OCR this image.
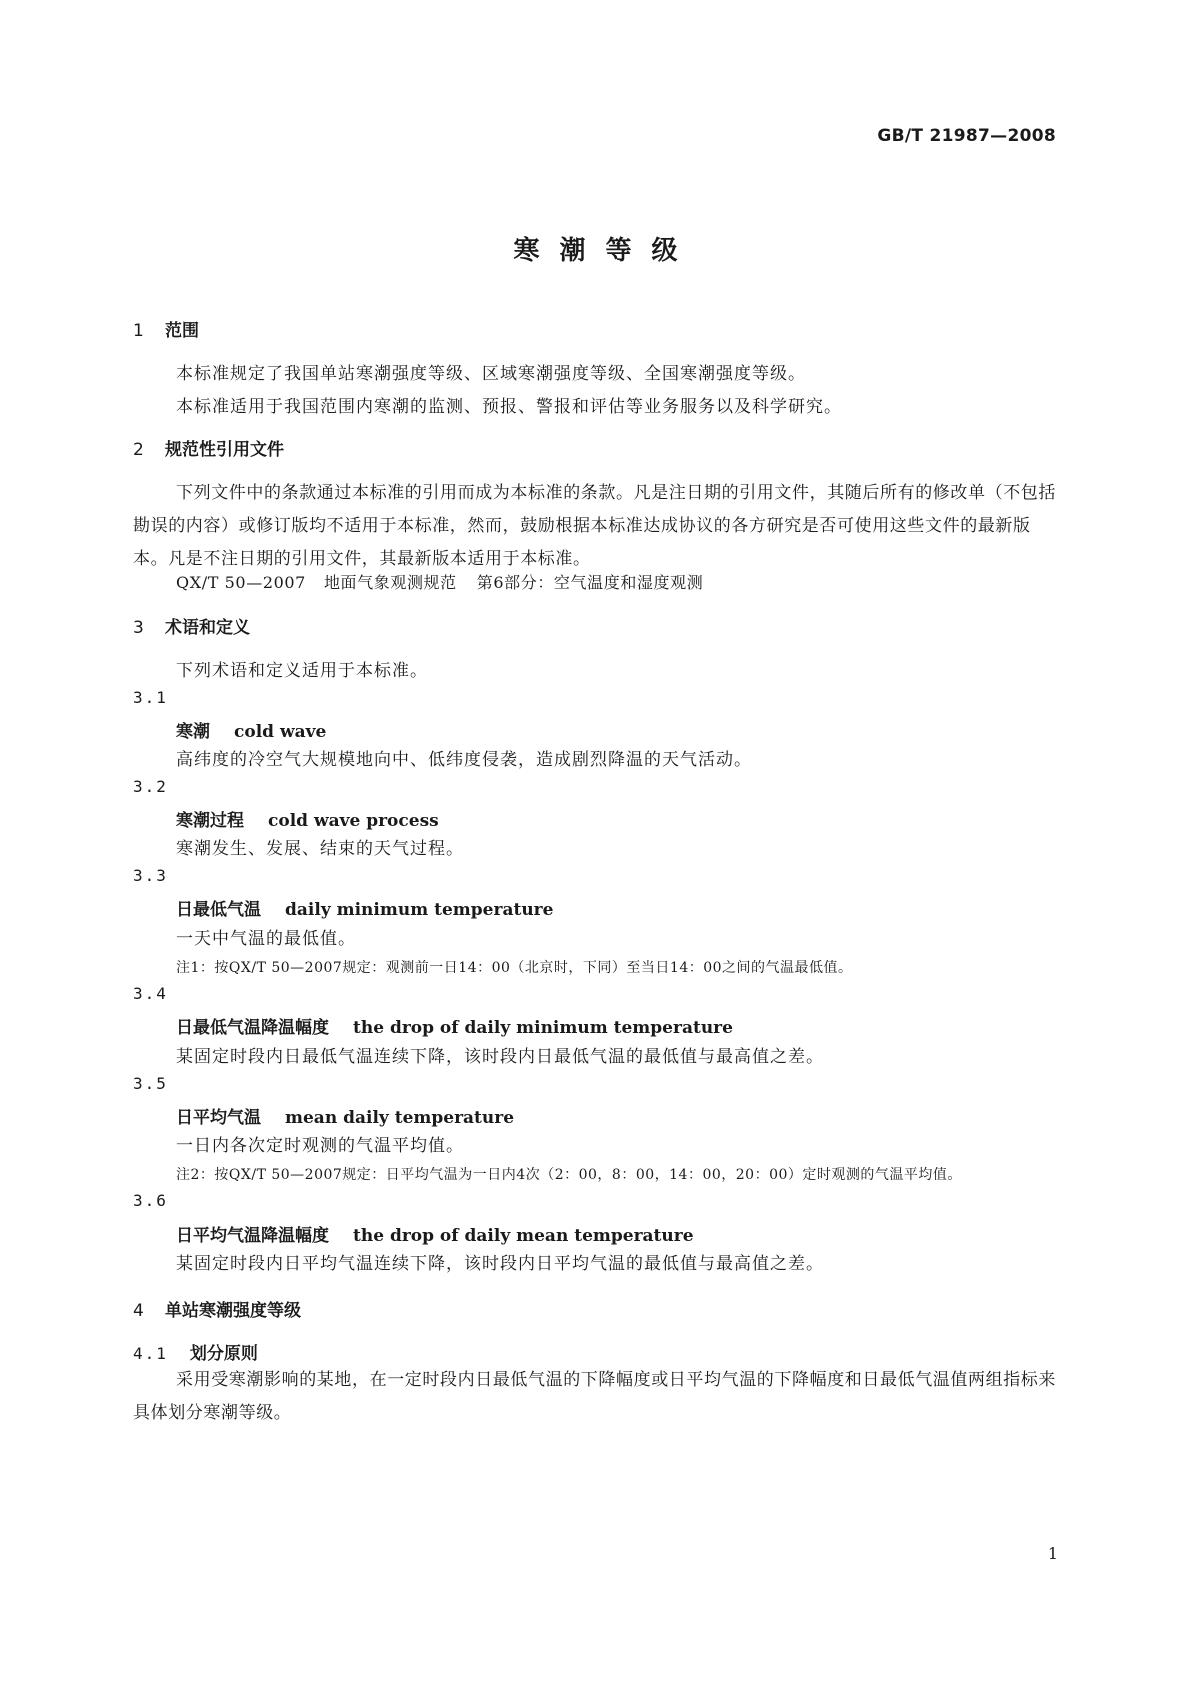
GB/T 21987—2008
寒潮等级
1 范围
本标准规定了我国单站寒潮强度等级、区域寒潮强度等级、全国寒潮强度等级。
本标准适用于我国范围内寒潮的监测、预报、警报和评估等业务服务以及科学研究。
2 规范性引用文件
下列文件中的条款通过本标准的引用而成为本标准的条款。凡是注日期的引用文件，其随后所有的修改单（不包括勘误的内容）或修订版均不适用于本标准，然而，鼓励根据本标准达成协议的各方研究是否可使用这些文件的最新版本。凡是不注日期的引用文件，其最新版本适用于本标准。
QX/T 50—2007 地面气象观测规范 第6部分：空气温度和湿度观测
3 术语和定义
下列术语和定义适用于本标准。
3.1
寒潮 cold wave
高纬度的冷空气大规模地向中、低纬度侵袭，造成剧烈降温的天气活动。
3.2
寒潮过程 cold wave process
寒潮发生、发展、结束的天气过程。
3.3
日最低气温 daily minimum temperature
一天中气温的最低值。
注1：按QX/T 50—2007规定：观测前一日14：00（北京时，下同）至当日14：00之间的气温最低值。
3.4
日最低气温降温幅度 the drop of daily minimum temperature
某固定时段内日最低气温连续下降，该时段内日最低气温的最低值与最高值之差。
3.5
日平均气温 mean daily temperature
一日内各次定时观测的气温平均值。
注2：按QX/T 50—2007规定：日平均气温为一日内4次（2：00，8：00，14：00，20：00）定时观测的气温平均值。
3.6
日平均气温降温幅度 the drop of daily mean temperature
某固定时段内日平均气温连续下降，该时段内日平均气温的最低值与最高值之差。
4 单站寒潮强度等级
4.1 划分原则
采用受寒潮影响的某地，在一定时段内日最低气温的下降幅度或日平均气温的下降幅度和日最低气温值两组指标来具体划分寒潮等级。
1
